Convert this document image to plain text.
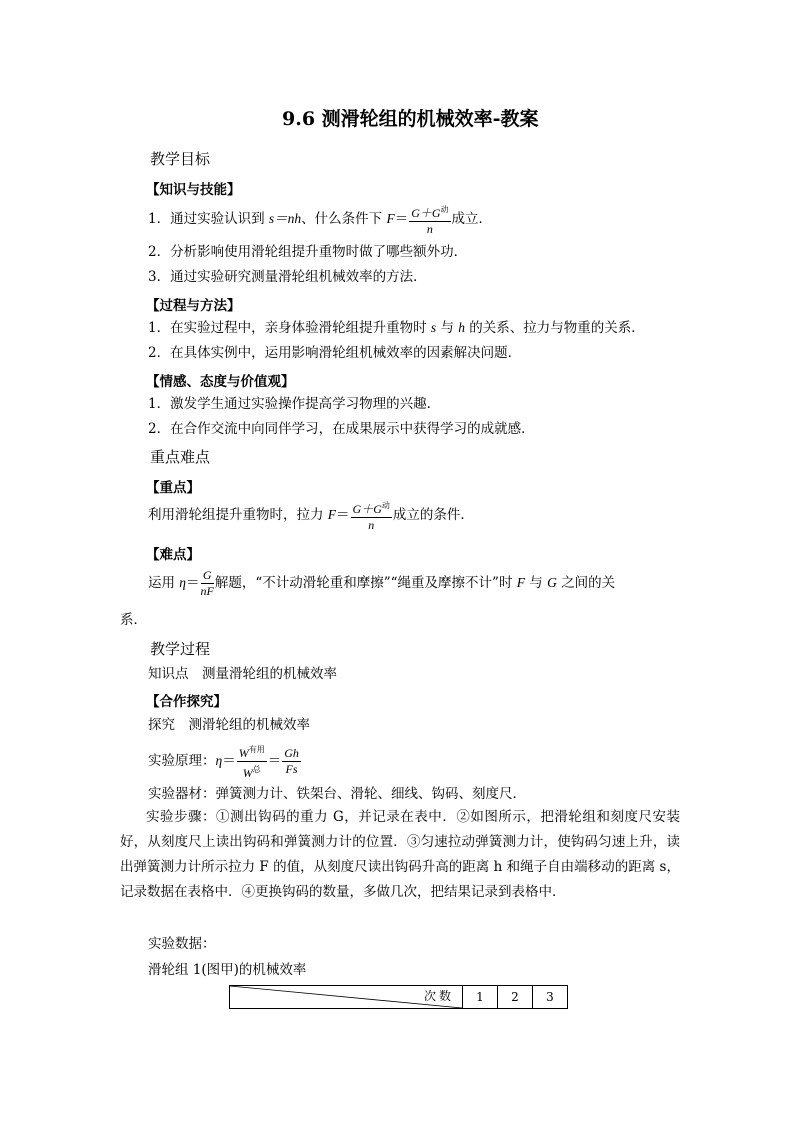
9.6 测滑轮组的机械效率-教案
教学目标
【知识与技能】
1．通过实验认识到 s＝nh、什么条件下 $F= \frac{G+G^动}{n}$ 成立．
2．分析影响使用滑轮组提升重物时做了哪些额外功．
3．通过实验研究测量滑轮组机械效率的方法．
【过程与方法】
1．在实验过程中，亲身体验滑轮组提升重物时 s 与 h 的关系、拉力与物重的关系．
2．在具体实例中，运用影响滑轮组机械效率的因素解决问题．
【情感、态度与价值观】
1．激发学生通过实验操作提高学习物理的兴趣．
2．在合作交流中向同伴学习，在成果展示中获得学习的成就感．
重点难点
【重点】
利用滑轮组提升重物时，拉力 $F= \frac{G+G^动}{n}$ 成立的条件．
【难点】
运用 $\eta= \frac{G}{nF}$ 解题，“不计动滑轮重和摩擦”“绳重及摩擦不计”时 F 与 G 之间的关
系．
教学过程
知识点　测量滑轮组的机械效率
【合作探究】
探究　测滑轮组的机械效率
实验原理：$\eta= \frac{W^{有用}}{W^总} = \frac{Gh}{Fs}$
实验器材：弹簧测力计、铁架台、滑轮、细线、钩码、刻度尺．
实验步骤：①测出钩码的重力 G，并记录在表中．②如图所示，把滑轮组和刻度尺安装好，从刻度尺上读出钩码和弹簧测力计的位置．③匀速拉动弹簧测力计，使钩码匀速上升，读出弹簧测力计所示拉力 F 的值，从刻度尺读出钩码升高的距离 h 和绳子自由端移动的距离 s，记录数据在表格中．④更换钩码的数量，多做几次，把结果记录到表格中．
实验数据：
滑轮组 1(图甲)的机械效率
次数	1	2	3
